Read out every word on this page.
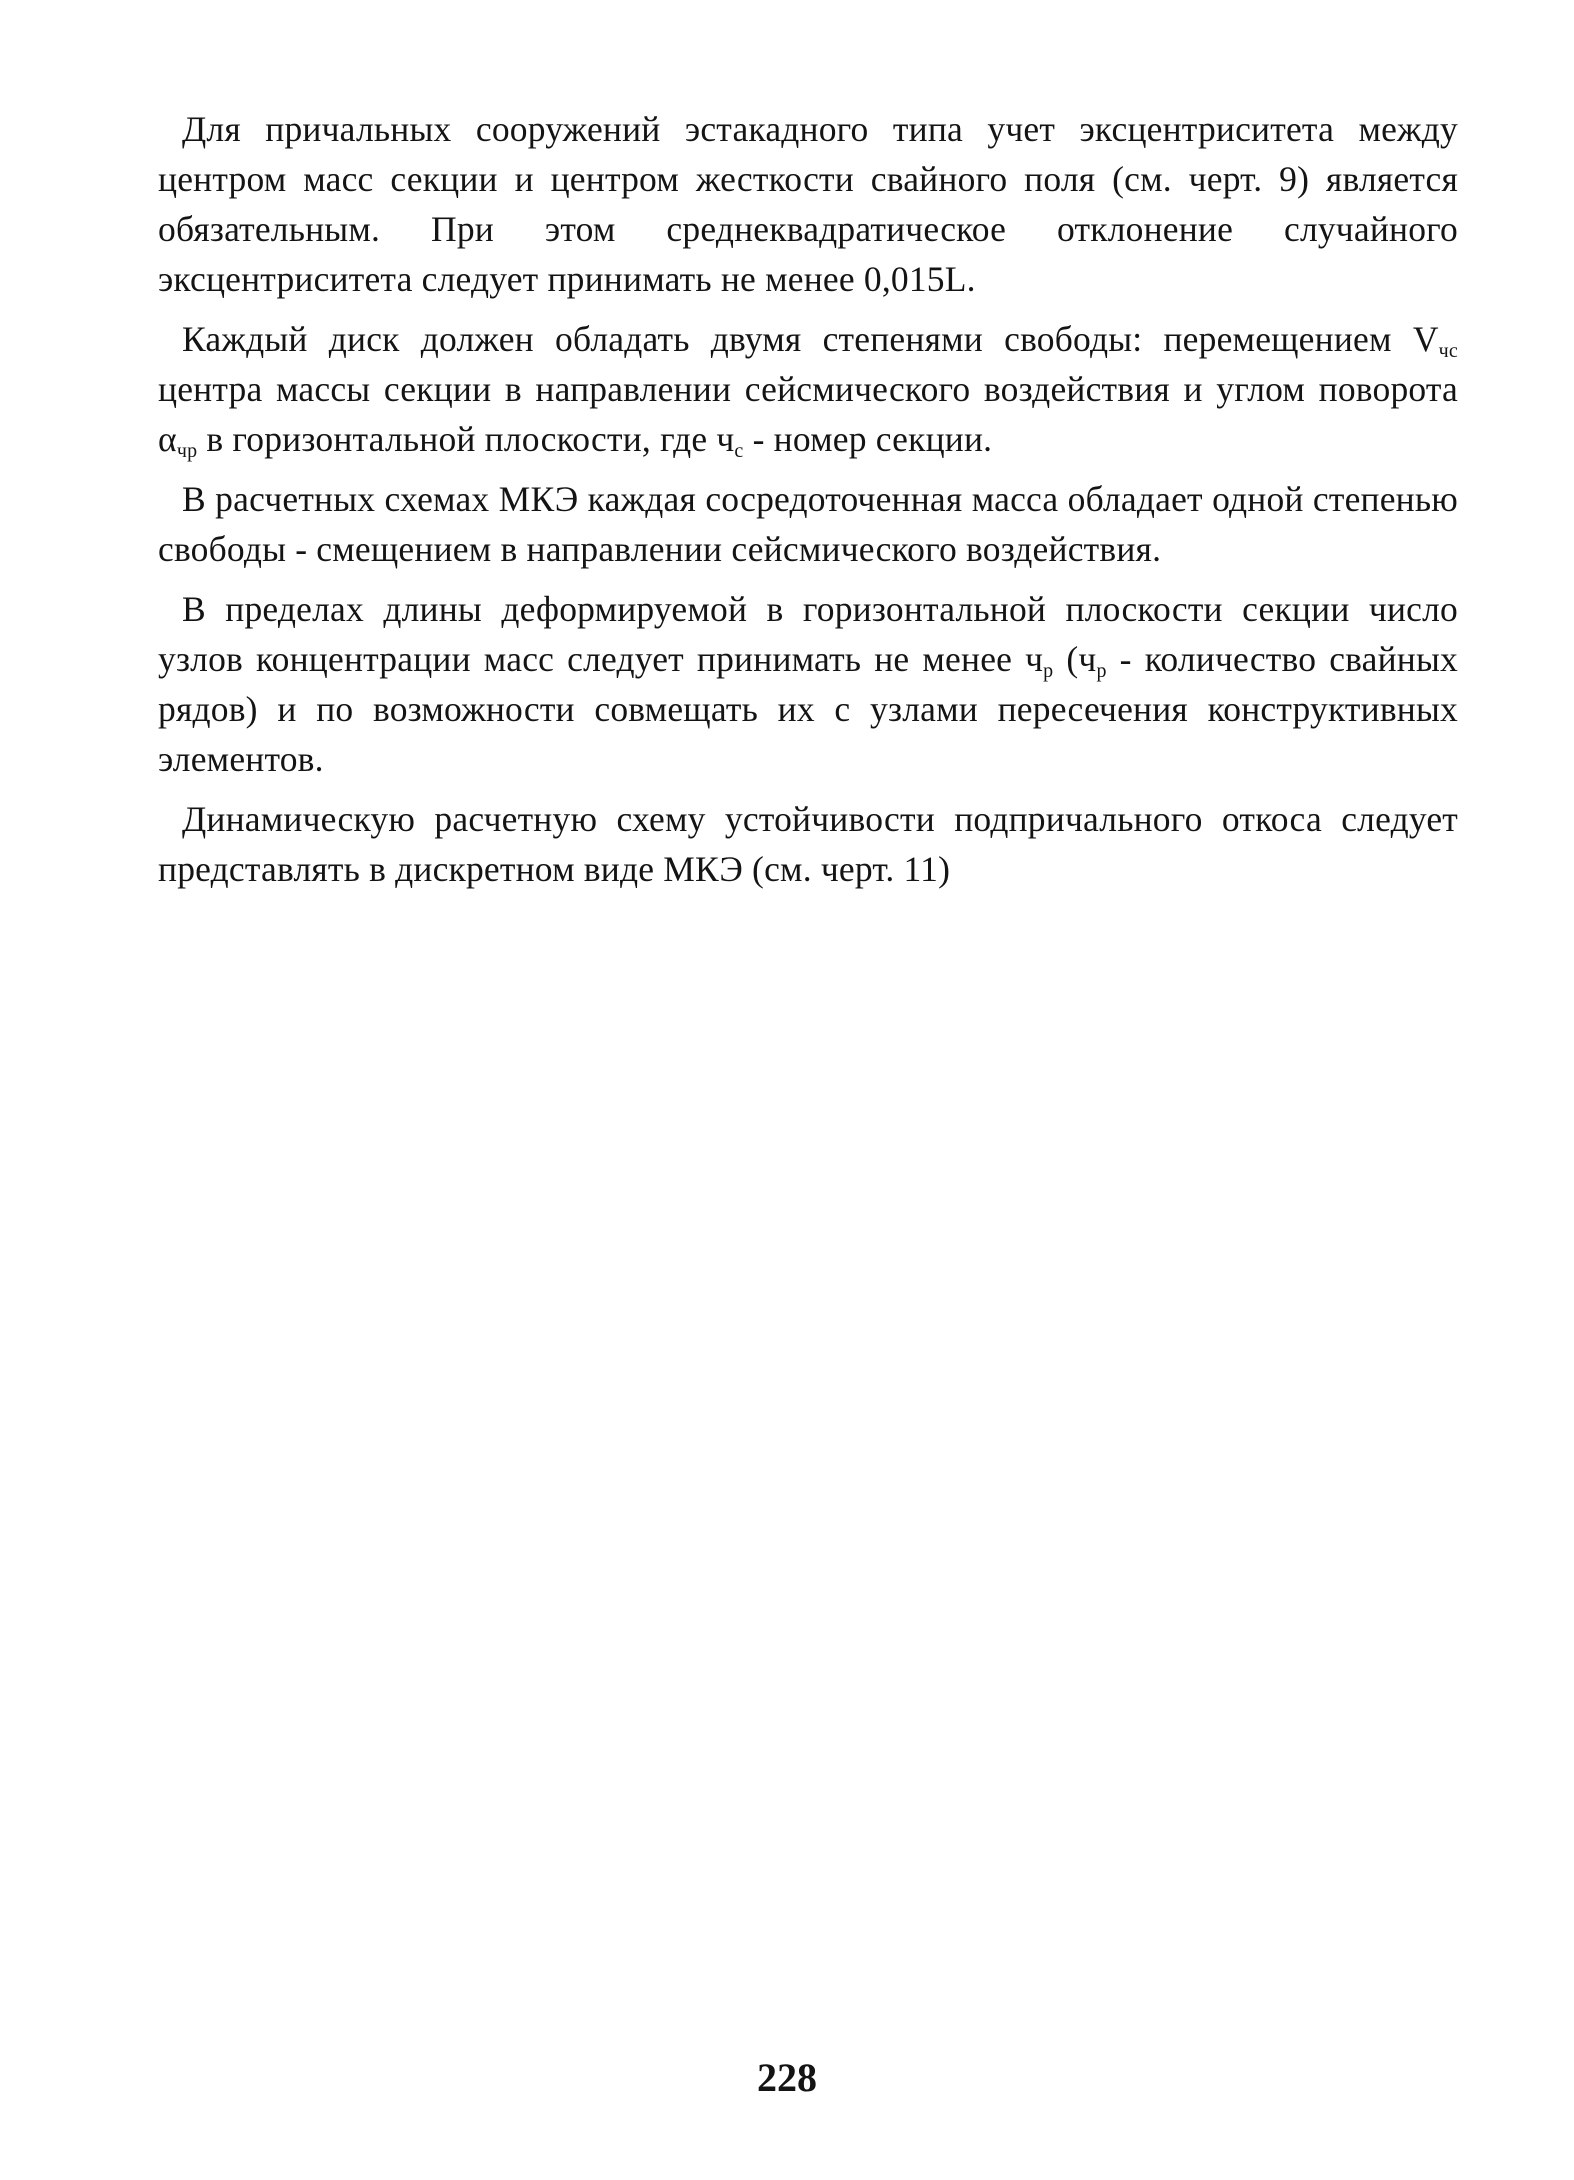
Для причальных сооружений эстакадного типа учет эксцентриситета между центром масс секции и центром жесткости свайного поля (см. черт. 9) является обязательным. При этом среднеквадратическое отклонение случайного эксцентриситета следует принимать не менее 0,015L.

Каждый диск должен обладать двумя степенями свободы: перемещением $V_{чс}$ центра массы секции в направлении сейсмического воздействия и углом поворота $\alpha_{чр}$ в горизонтальной плоскости, где $ч_с$ - номер секции.

В расчетных схемах МКЭ каждая сосредоточенная масса обладает одной степенью свободы - смещением в направлении сейсмического воздействия.

В пределах длины деформируемой в горизонтальной плоскости секции число узлов концентрации масс следует принимать не менее $ч_р$ ($ч_р$ - количество свайных рядов) и по возможности совмещать их с узлами пересечения конструктивных элементов.

Динамическую расчетную схему устойчивости подпричального откоса следует представлять в дискретном виде МКЭ (см. черт. 11)

228
